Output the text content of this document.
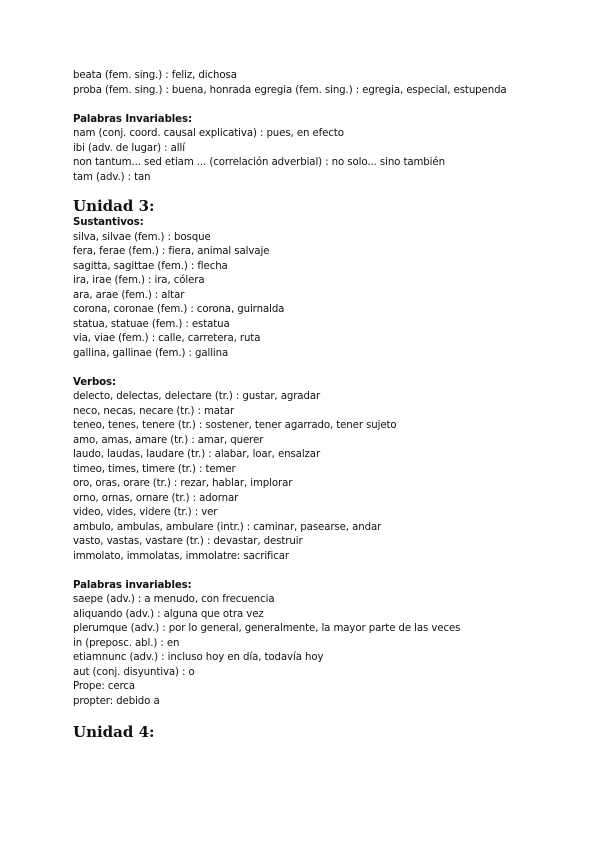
beata (fem. sing.) : feliz, dichosa
proba (fem. sing.) : buena, honrada egregia (fem. sing.) : egregia, especial, estupenda
Palabras Invariables:
nam (conj. coord. causal explicativa) : pues, en efecto
ibi (adv. de lugar) : allí
non tantum... sed etiam ... (correlación adverbial) : no solo... sino también
tam (adv.) : tan
Unidad 3:
Sustantivos:
silva, silvae (fem.) : bosque
fera, ferae (fem.) : fiera, animal salvaje
sagitta, sagittae (fem.) : flecha
ira, irae (fem.) : ira, cólera
ara, arae (fem.) : altar
corona, coronae (fem.) : corona, guirnalda
statua, statuae (fem.) : estatua
via, viae (fem.) : calle, carretera, ruta
gallina, gallinae (fem.) : gallina
Verbos:
delecto, delectas, delectare (tr.) : gustar, agradar
neco, necas, necare (tr.) : matar
teneo, tenes, tenere (tr.) : sostener, tener agarrado, tener sujeto
amo, amas, amare (tr.) : amar, querer
laudo, laudas, laudare (tr.) : alabar, loar, ensalzar
timeo, times, timere (tr.) : temer
oro, oras, orare (tr.) : rezar, hablar, implorar
orno, ornas, ornare (tr.) : adornar
video, vides, videre (tr.) : ver
ambulo, ambulas, ambulare (intr.) : caminar, pasearse, andar
vasto, vastas, vastare (tr.) : devastar, destruir
immolato, immolatas, immolatre: sacrificar
Palabras invariables:
saepe (adv.) : a menudo, con frecuencia
aliquando (adv.) : alguna que otra vez
plerumque (adv.) : por lo general, generalmente, la mayor parte de las veces
in (preposc. abl.) : en
etiamnunc (adv.) : incluso hoy en día, todavía hoy
aut (conj. disyuntiva) : o
Prope: cerca
propter: debido a
Unidad 4:
